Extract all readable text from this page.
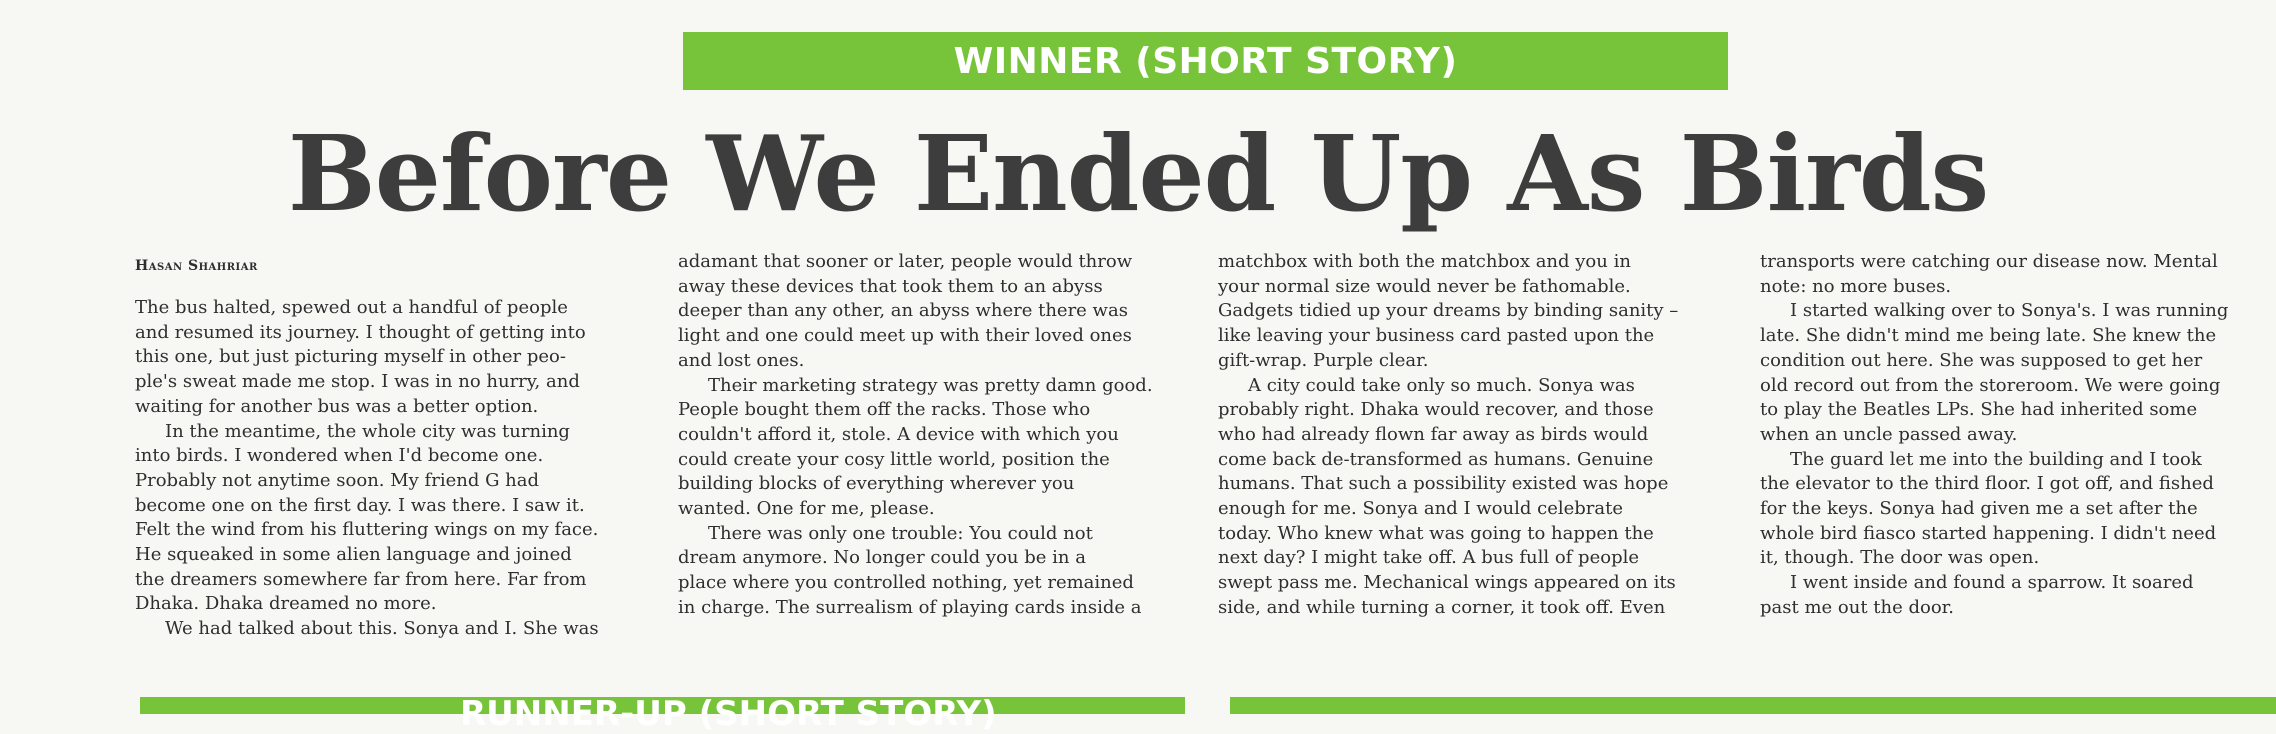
WINNER (SHORT STORY)
Before We Ended Up As Birds
Hasan Shahriar

The bus halted, spewed out a handful of people
and resumed its journey. I thought of getting into
this one, but just picturing myself in other peo-
ple's sweat made me stop. I was in no hurry, and
waiting for another bus was a better option.

In the meantime, the whole city was turning
into birds. I wondered when I'd become one.
Probably not anytime soon. My friend G had
become one on the first day. I was there. I saw it.
Felt the wind from his fluttering wings on my face.
He squeaked in some alien language and joined
the dreamers somewhere far from here. Far from
Dhaka. Dhaka dreamed no more.

We had talked about this. Sonya and I. She was

adamant that sooner or later, people would throw
away these devices that took them to an abyss
deeper than any other, an abyss where there was
light and one could meet up with their loved ones
and lost ones.

Their marketing strategy was pretty damn good.
People bought them off the racks. Those who
couldn't afford it, stole. A device with which you
could create your cosy little world, position the
building blocks of everything wherever you
wanted. One for me, please.

There was only one trouble: You could not
dream anymore. No longer could you be in a
place where you controlled nothing, yet remained
in charge. The surrealism of playing cards inside a

matchbox with both the matchbox and you in
your normal size would never be fathomable.
Gadgets tidied up your dreams by binding sanity –
like leaving your business card pasted upon the
gift-wrap. Purple clear.

A city could take only so much. Sonya was
probably right. Dhaka would recover, and those
who had already flown far away as birds would
come back de-transformed as humans. Genuine
humans. That such a possibility existed was hope
enough for me. Sonya and I would celebrate
today. Who knew what was going to happen the
next day? I might take off. A bus full of people
swept pass me. Mechanical wings appeared on its
side, and while turning a corner, it took off. Even

transports were catching our disease now. Mental
note: no more buses.

I started walking over to Sonya's. I was running
late. She didn't mind me being late. She knew the
condition out here. She was supposed to get her
old record out from the storeroom. We were going
to play the Beatles LPs. She had inherited some
when an uncle passed away.

The guard let me into the building and I took
the elevator to the third floor. I got off, and fished
for the keys. Sonya had given me a set after the
whole bird fiasco started happening. I didn't need
it, though. The door was open.

I went inside and found a sparrow. It soared
past me out the door.

RUNNER-UP (SHORT STORY)
